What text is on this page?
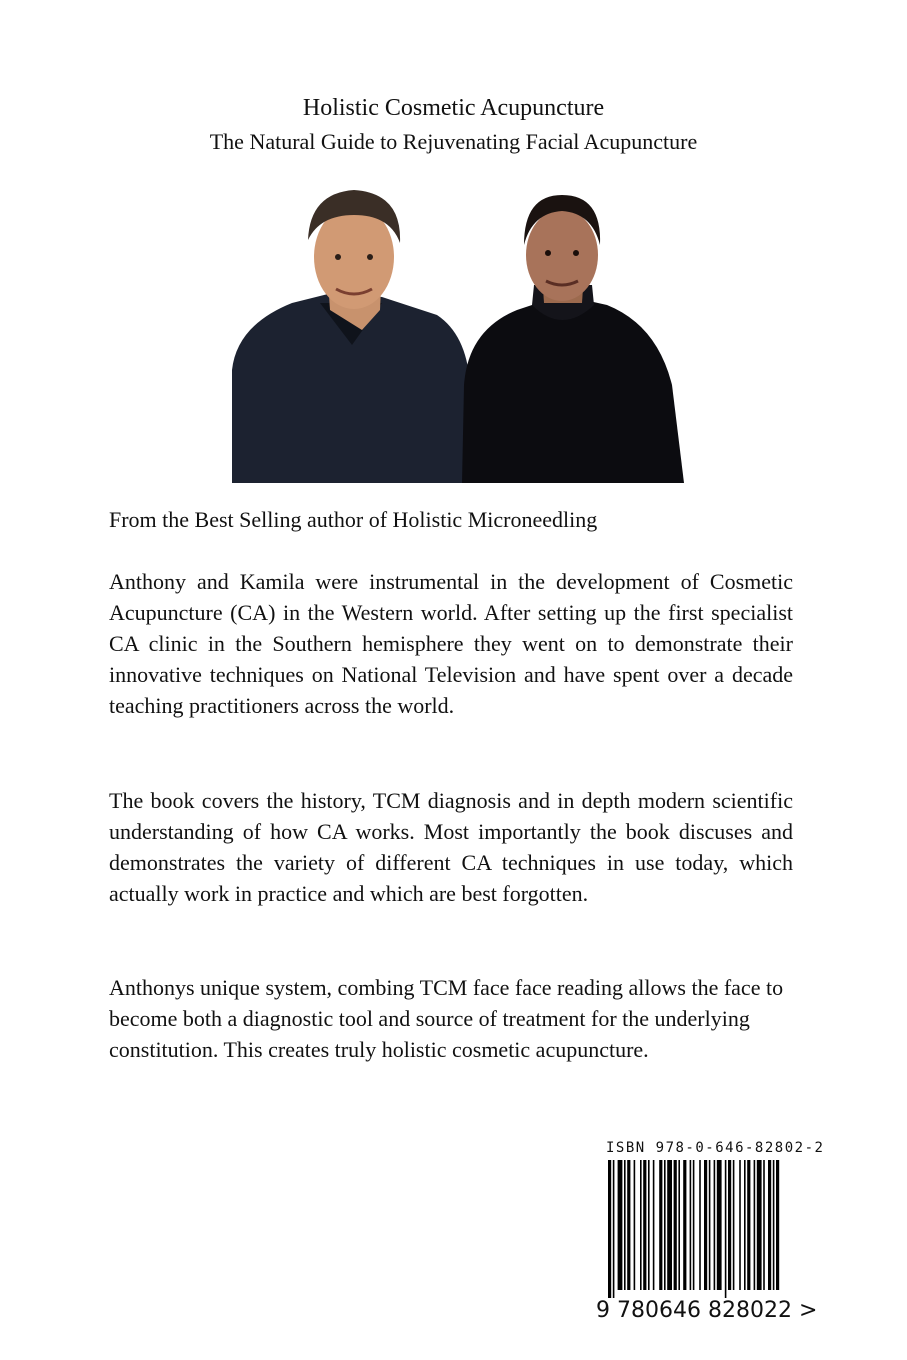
Holistic Cosmetic Acupuncture
The Natural Guide to Rejuvenating Facial Acupuncture
From the Best Selling author of Holistic Microneedling

Anthony and Kamila were instrumental in the development of Cosmetic Acupuncture (CA) in the Western world. After setting up the first specialist CA clinic in the Southern hemisphere they went on to demonstrate their innovative techniques on National Television and have spent over a decade teaching practitioners across the world.

The book covers the history, TCM diagnosis and in depth modern scientific understanding of how CA works. Most importantly the book discuses and demonstrates the variety of different CA techniques in use today, which actually work in practice and which are best forgotten.

Anthonys unique system, combing TCM face face reading allows the face to become both a diagnostic tool and source of treatment for the underlying constitution. This creates truly holistic cosmetic acupuncture.

ISBN 978-0-646-82802-2
9 780646 828022 >
